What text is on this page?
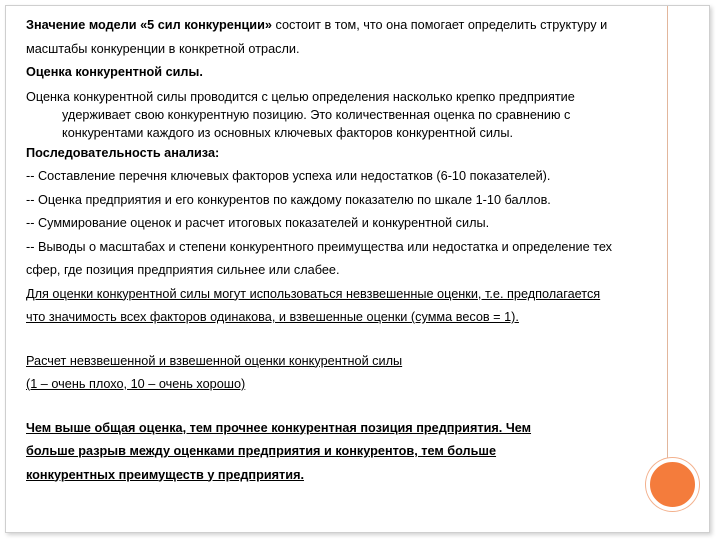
Значение модели «5 сил конкуренции» состоит в том, что она помогает определить структуру и

масштабы конкуренции в конкретной отрасли.

Оценка конкурентной силы.

Оценка конкурентной силы проводится с целью определения насколько крепко предприятие

удерживает свою конкурентную позицию. Это количественная оценка по сравнению с

конкурентами каждого из основных ключевых факторов конкурентной силы.

Последовательность анализа:

-- Составление перечня ключевых факторов успеха или недостатков (6-10 показателей).

-- Оценка предприятия и его конкурентов по каждому показателю по шкале 1-10 баллов.

-- Суммирование оценок и расчет итоговых показателей и конкурентной силы.

-- Выводы о масштабах и степени конкурентного преимущества или недостатка и определение тех

сфер, где позиция предприятия сильнее или слабее.

Для оценки конкурентной силы могут использоваться невзвешенные оценки, т.е. предполагается

что значимость всех факторов одинакова, и взвешенные оценки (сумма весов = 1).

Расчет невзвешенной и взвешенной оценки конкурентной силы

(1 – очень плохо, 10 – очень хорошо)

Чем выше общая оценка, тем прочнее конкурентная позиция предприятия. Чем

больше разрыв между оценками предприятия и конкурентов, тем больше

конкурентных преимуществ у предприятия.
